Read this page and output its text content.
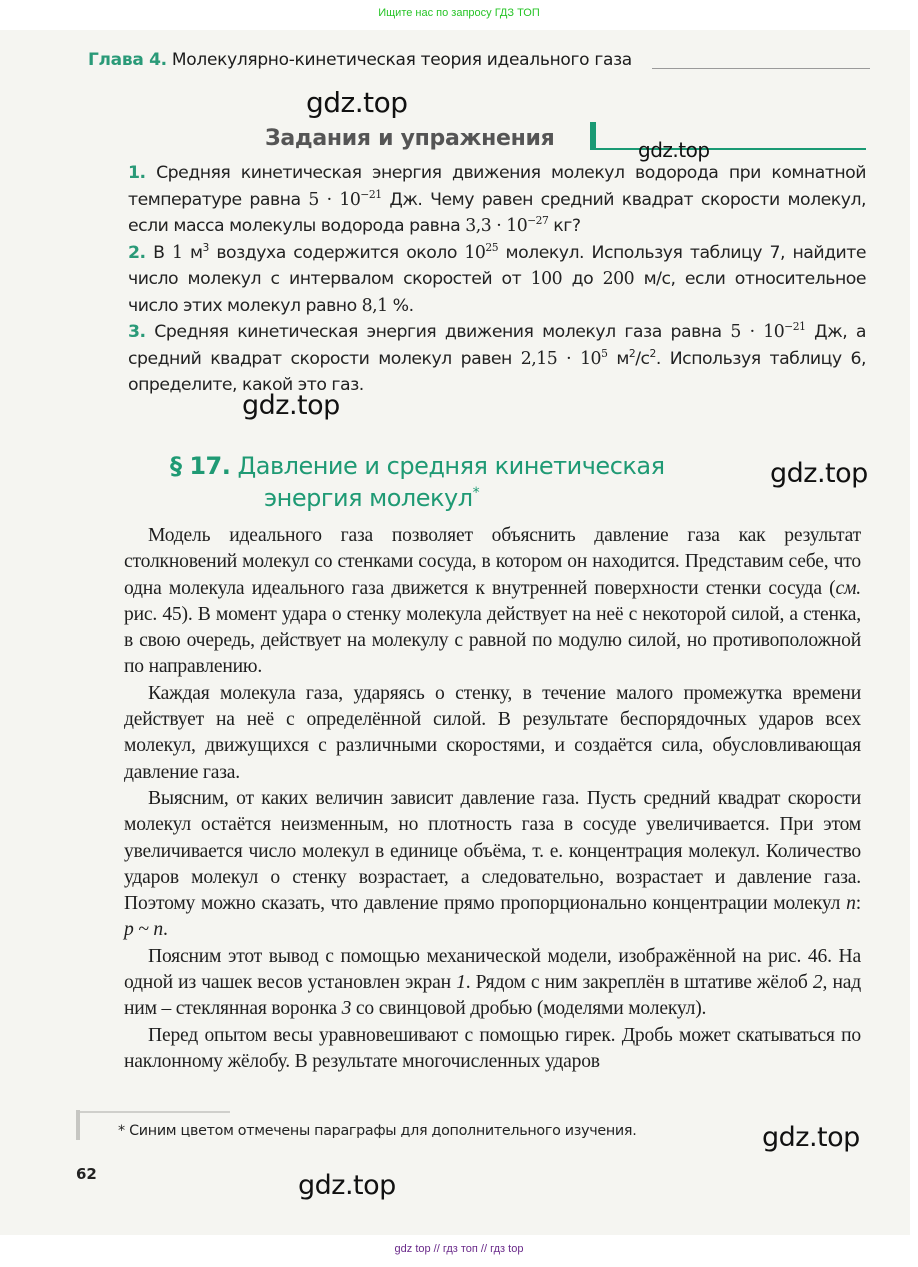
Ищите нас по запросу ГДЗ ТОП
Глава 4. Молекулярно-кинетическая теория идеального газа
gdz.top
Задания и упражнения	gdz.top
1. Средняя кинетическая энергия движения молекул водорода при комнатной температуре равна $5 \cdot 10^{-21}$ Дж. Чему равен средний квадрат скорости молекул, если масса молекулы водорода равна $3,3 \cdot 10^{-27}$ кг?
2. В 1 $м^3$ воздуха содержится около $10^{25}$ молекул. Используя таблицу 7, найдите число молекул с интервалом скоростей от 100 до 200 м/с, если относительное число этих молекул равно 8,1 %.
3. Средняя кинетическая энергия движения молекул газа равна $5 \cdot 10^{-21}$ Дж, а средний квадрат скорости молекул равен $2,15 \cdot 10^5$ $м^2/с^2$. Используя таблицу 6, определите, какой это газ.
gdz.top
§ 17. Давление и средняя кинетическая
энергия молекул*
gdz.top

Модель идеального газа позволяет объяснить давление газа как результат столкновений молекул со стенками сосуда, в котором он находится. Представим себе, что одна молекула идеального газа движется к внутренней поверхности стенки сосуда (см. рис. 45). В момент удара о стенку молекула действует на неё с некоторой силой, а стенка, в свою очередь, действует на молекулу с равной по модулю силой, но противоположной по направлению.

Каждая молекула газа, ударяясь о стенку, в течение малого промежутка времени действует на неё с определённой силой. В результате беспорядочных ударов всех молекул, движущихся с различными скоростями, и создаётся сила, обусловливающая давление газа.

Выясним, от каких величин зависит давление газа. Пусть средний квадрат скорости молекул остаётся неизменным, но плотность газа в сосуде увеличивается. При этом увеличивается число молекул в единице объёма, т. е. концентрация молекул. Количество ударов молекул о стенку возрастает, а следовательно, возрастает и давление газа. Поэтому можно сказать, что давление прямо пропорционально концентрации молекул n: p ~ n.

Поясним этот вывод с помощью механической модели, изображённой на рис. 46. На одной из чашек весов установлен экран 1. Рядом с ним закреплён в штативе жёлоб 2, над ним – стеклянная воронка 3 со свинцовой дробью (моделями молекул).

Перед опытом весы уравновешивают с помощью гирек. Дробь может скатываться по наклонному жёлобу. В результате многочисленных ударов

* Синим цветом отмечены параграфы для дополнительного изучения.	gdz.top
62	gdz.top
gdz top // гдз топ // гдз top
